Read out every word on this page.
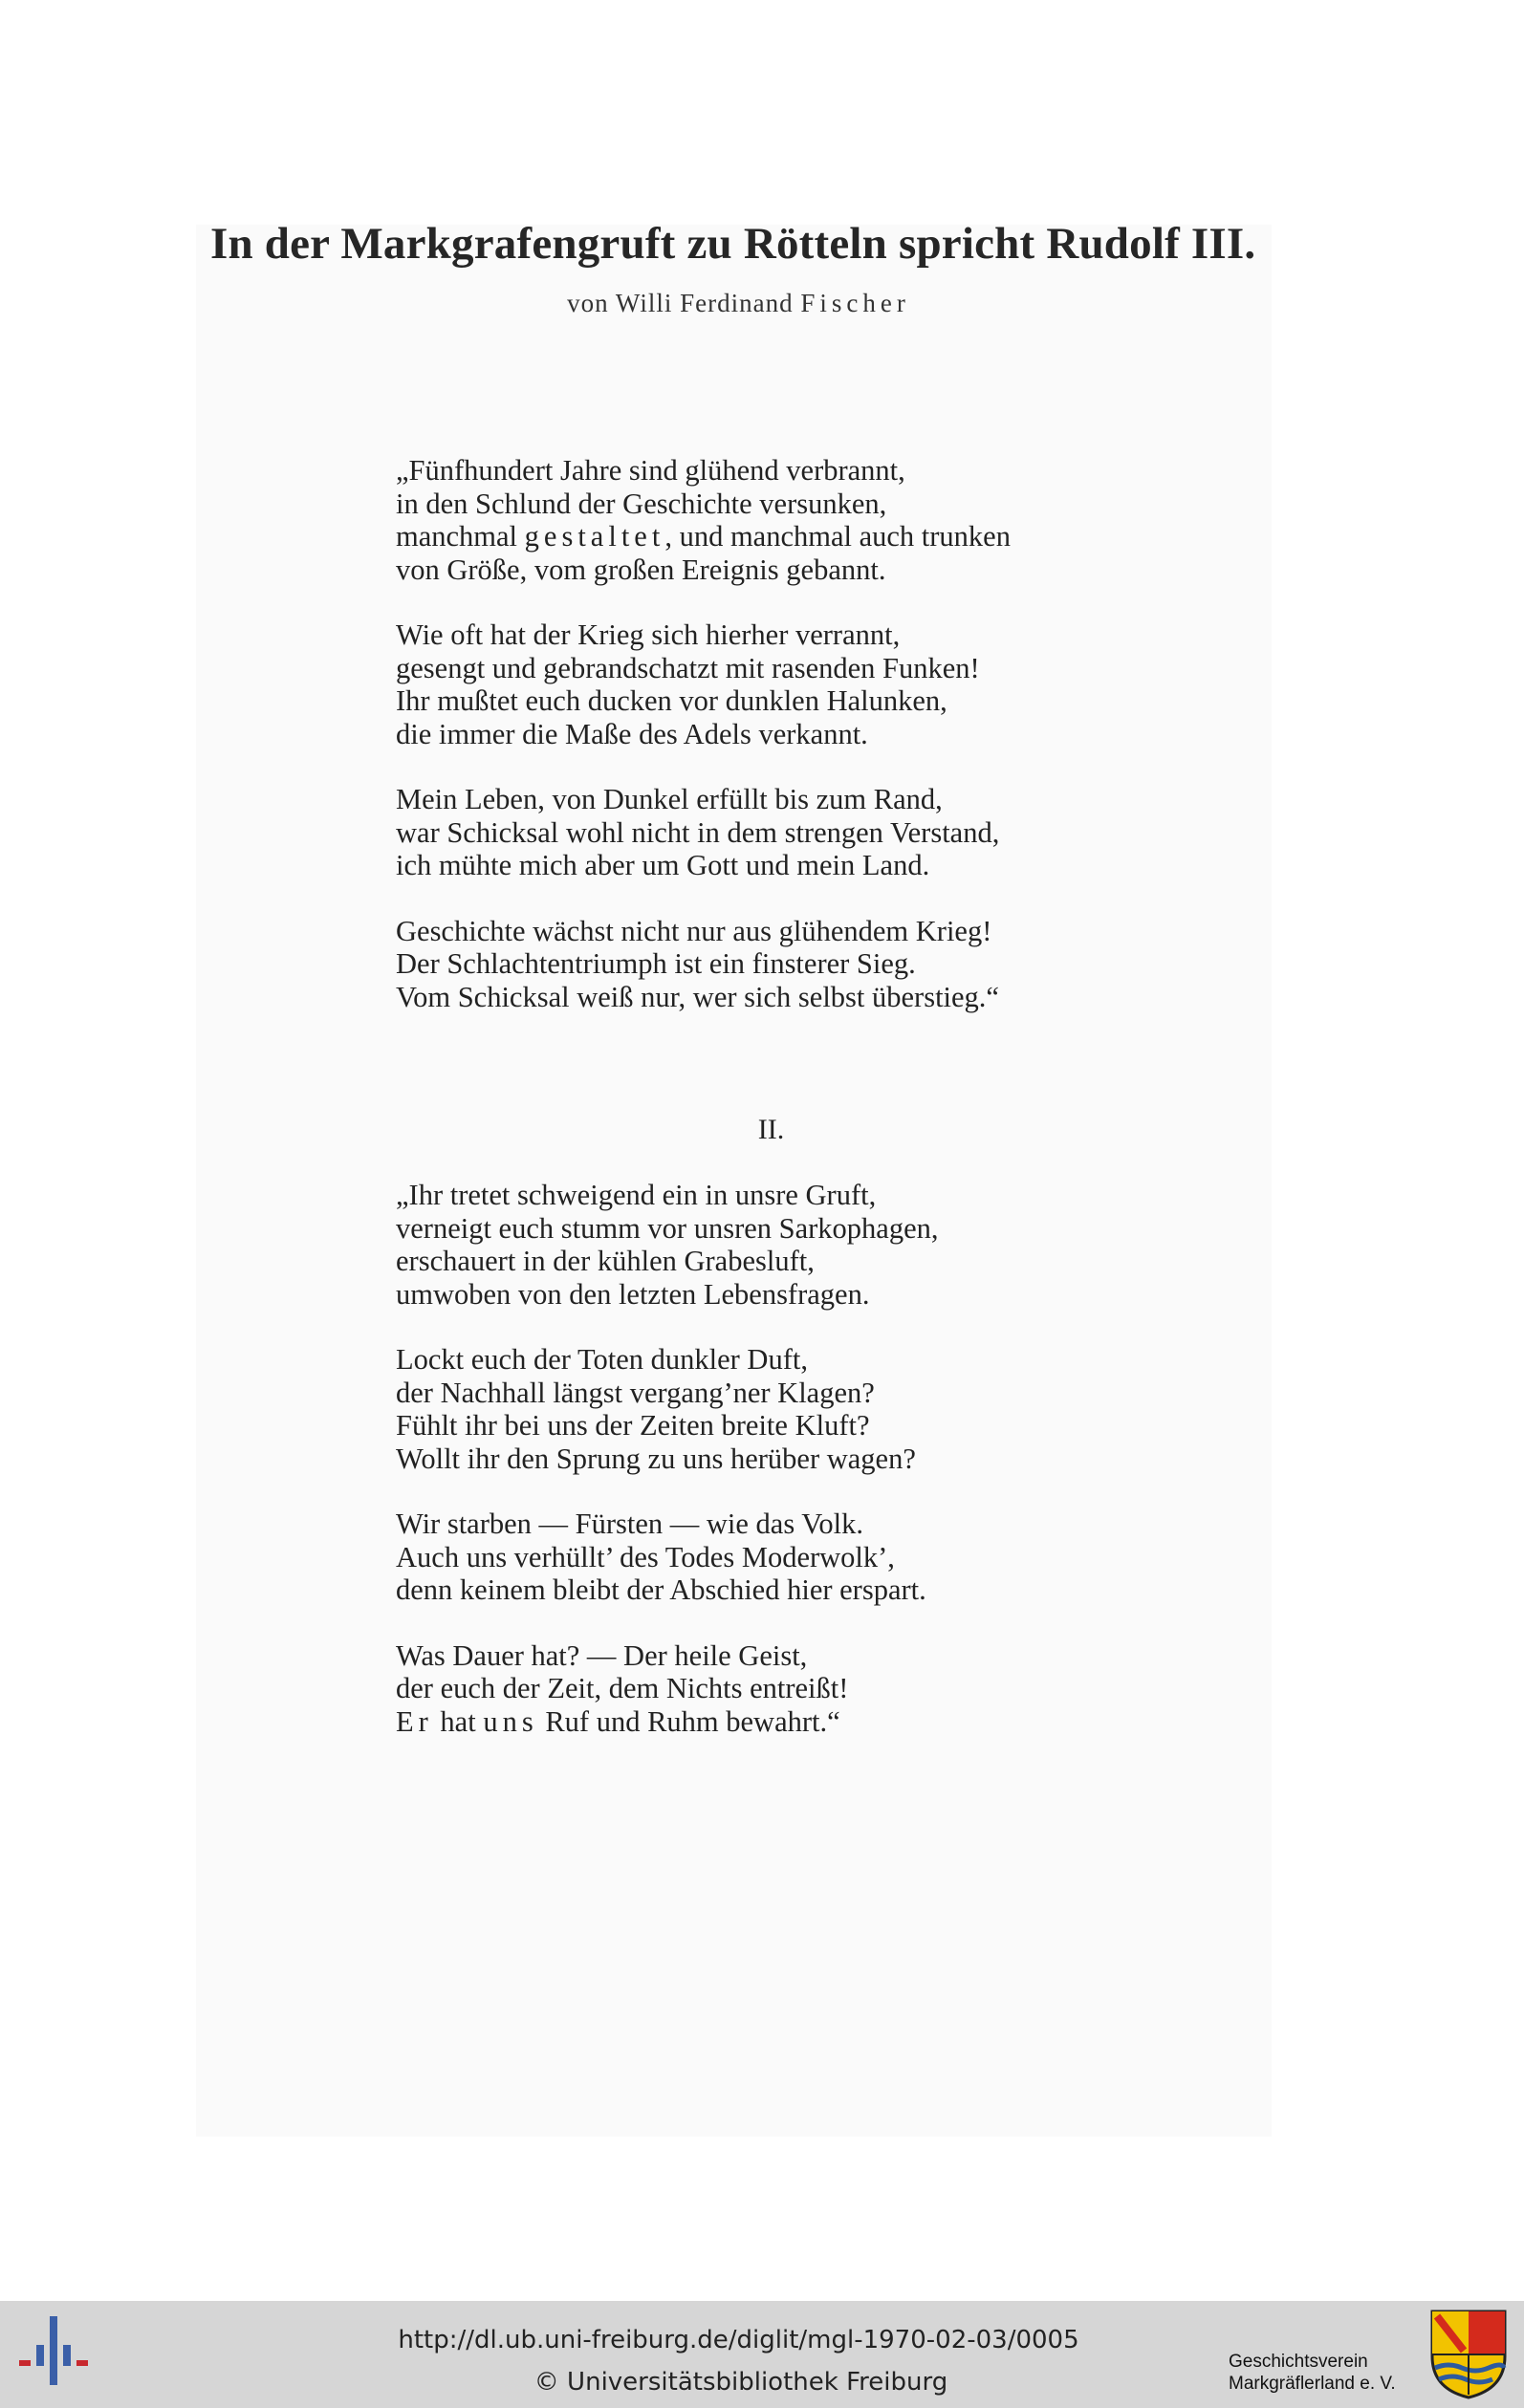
In der Markgrafengruft zu Rötteln spricht Rudolf III.
von Willi Ferdinand Fischer
„Fünfhundert Jahre sind glühend verbrannt,
in den Schlund der Geschichte versunken,
manchmal gestaltet, und manchmal auch trunken
von Größe, vom großen Ereignis gebannt.
Wie oft hat der Krieg sich hierher verrannt,
gesengt und gebrandschatzt mit rasenden Funken!
Ihr mußtet euch ducken vor dunklen Halunken,
die immer die Maße des Adels verkannt.
Mein Leben, von Dunkel erfüllt bis zum Rand,
war Schicksal wohl nicht in dem strengen Verstand,
ich mühte mich aber um Gott und mein Land.
Geschichte wächst nicht nur aus glühendem Krieg!
Der Schlachtentriumph ist ein finsterer Sieg.
Vom Schicksal weiß nur, wer sich selbst überstieg.“
II.
„Ihr tretet schweigend ein in unsre Gruft,
verneigt euch stumm vor unsren Sarkophagen,
erschauert in der kühlen Grabesluft,
umwoben von den letzten Lebensfragen.
Lockt euch der Toten dunkler Duft,
der Nachhall längst vergang’ner Klagen?
Fühlt ihr bei uns der Zeiten breite Kluft?
Wollt ihr den Sprung zu uns herüber wagen?
Wir starben — Fürsten — wie das Volk.
Auch uns verhüllt’ des Todes Moderwolk’,
denn keinem bleibt der Abschied hier erspart.
Was Dauer hat? — Der heile Geist,
der euch der Zeit, dem Nichts entreißt!
Er hat uns Ruf und Ruhm bewahrt.“
http://dl.ub.uni-freiburg.de/diglit/mgl-1970-02-03/0005
© Universitätsbibliothek Freiburg
Geschichtsverein
Markgräflerland e. V.
